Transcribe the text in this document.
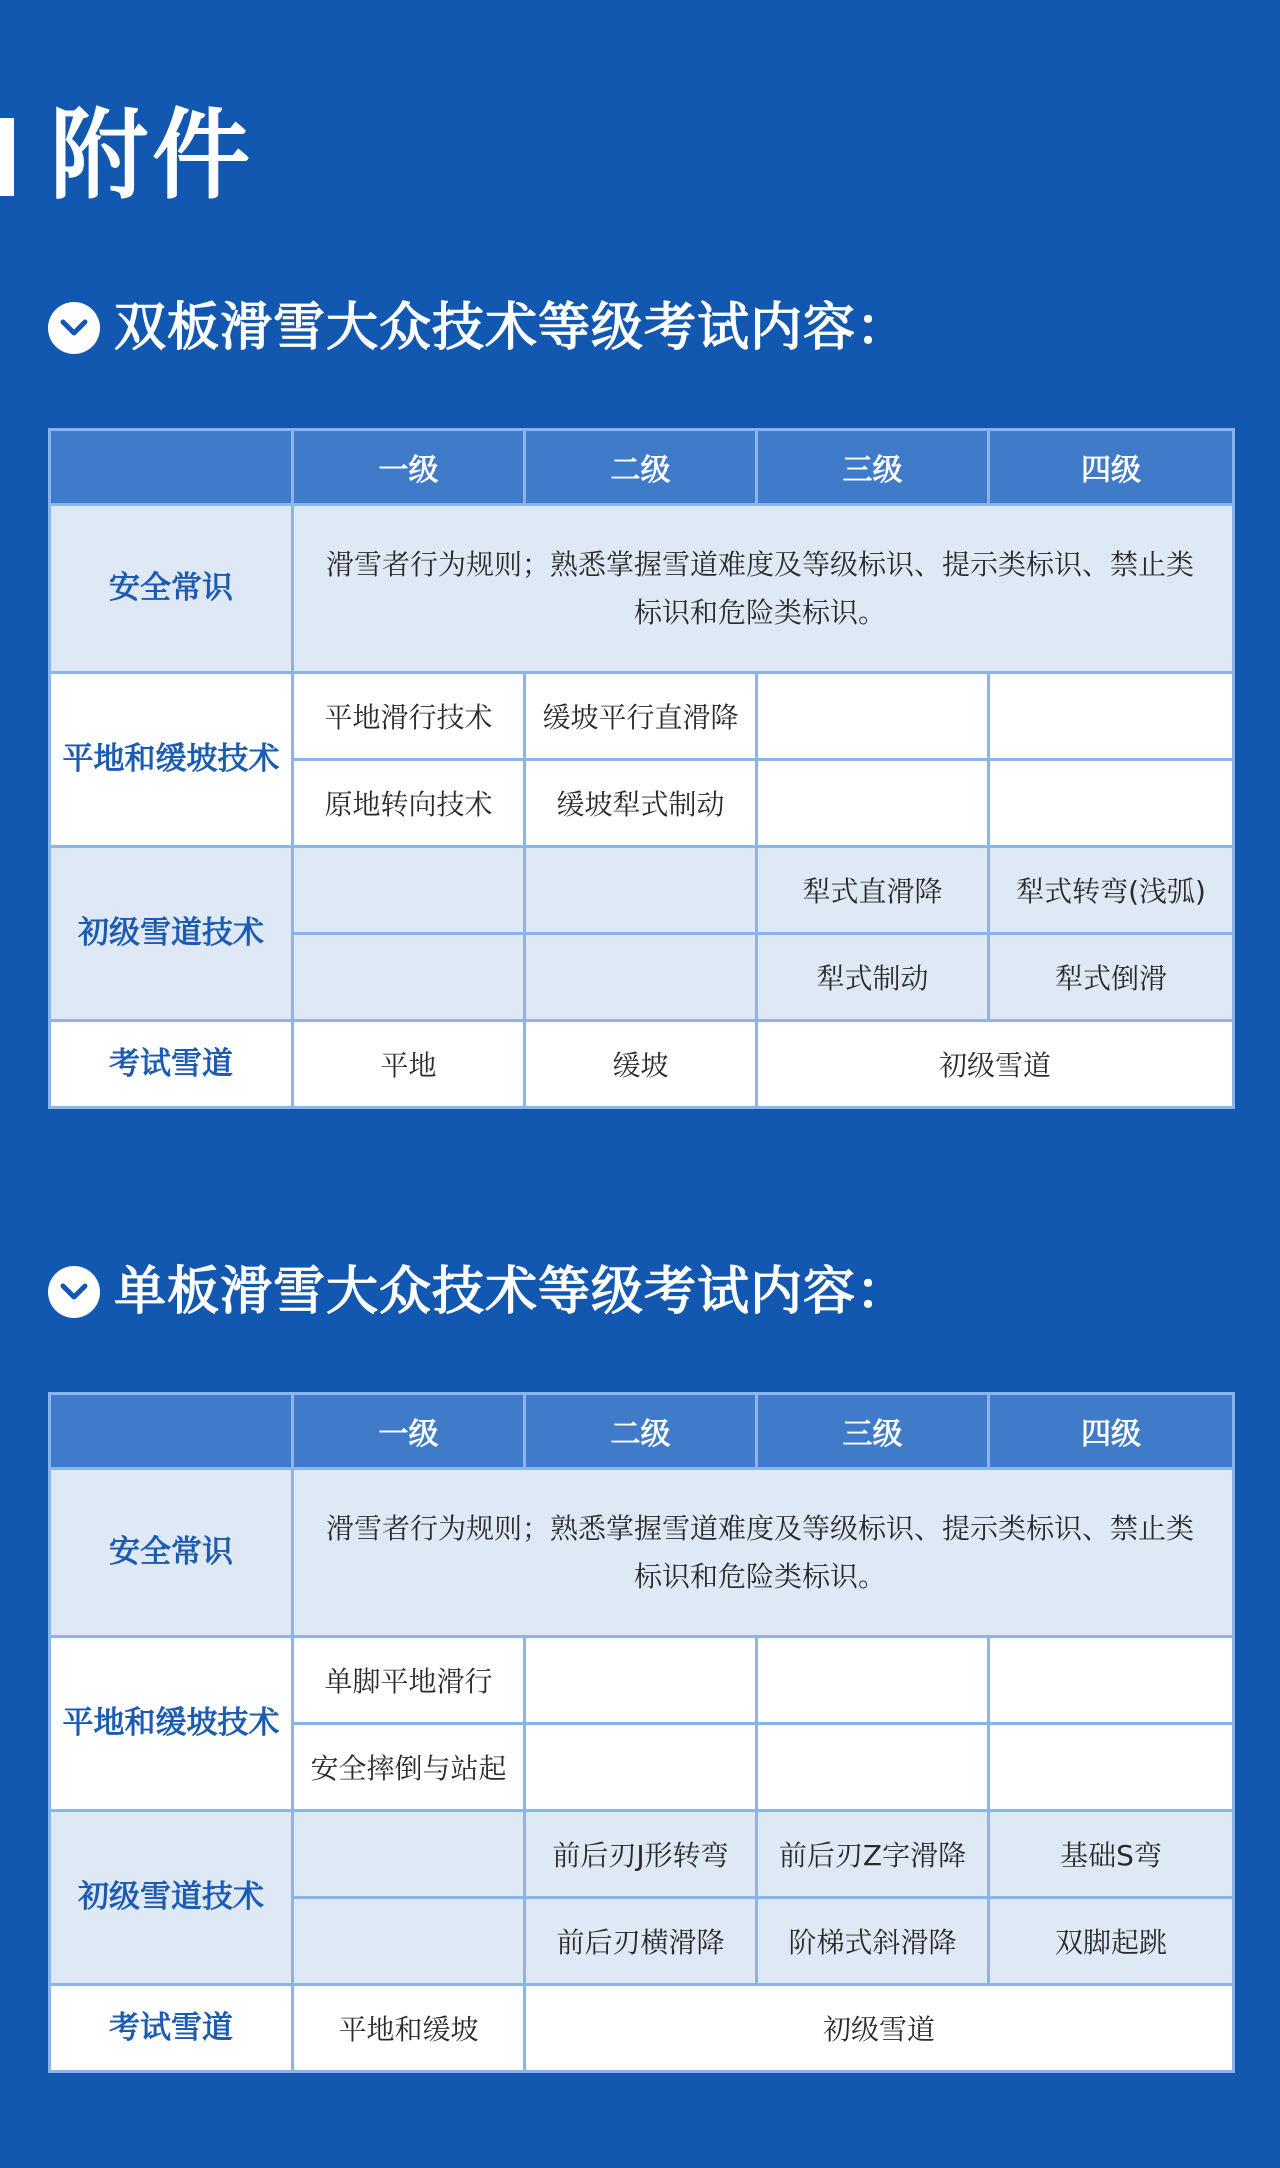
附件
双板滑雪大众技术等级考试内容：
	一级	二级	三级	四级
安全常识	滑雪者行为规则；熟悉掌握雪道难度及等级标识、提示类标识、禁止类标识和危险类标识。			
平地和缓坡技术	平地滑行技术	缓坡平行直滑降		
	原地转向技术	缓坡犁式制动		
初级雪道技术			犁式直滑降	犁式转弯(浅弧)
			犁式制动	犁式倒滑
考试雪道	平地	缓坡	初级雪道	
单板滑雪大众技术等级考试内容：
	一级	二级	三级	四级
安全常识	滑雪者行为规则；熟悉掌握雪道难度及等级标识、提示类标识、禁止类标识和危险类标识。			
平地和缓坡技术	单脚平地滑行			
	安全摔倒与站起			
初级雪道技术		前后刃J形转弯	前后刃Z字滑降	基础S弯
		前后刃横滑降	阶梯式斜滑降	双脚起跳
考试雪道	平地和缓坡	初级雪道		
